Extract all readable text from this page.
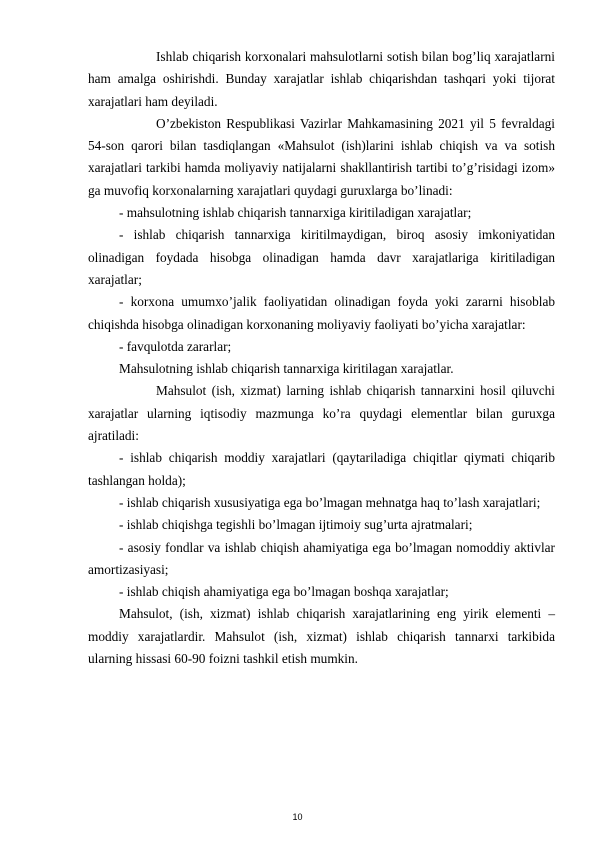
Ishlab chiqarish korxonalari mahsulotlarni sotish bilan bog’liq xarajatlarni ham amalga oshirishdi. Bunday xarajatlar ishlab chiqarishdan tashqari yoki tijorat xarajatlari ham deyiladi.

O’zbekiston Respublikasi Vazirlar Mahkamasining 2021 yil 5 fevraldagi 54-son qarori bilan tasdiqlangan «Mahsulot (ish)larini ishlab chiqish va va sotish xarajatlari tarkibi hamda moliyaviy natijalarni shakllantirish tartibi to’g’risidagi izom» ga muvofiq korxonalarning xarajatlari quydagi guruxlarga bo’linadi:

- mahsulotning ishlab chiqarish tannarxiga kiritiladigan xarajatlar;

- ishlab chiqarish tannarxiga kiritilmaydigan, biroq asosiy imkoniyatidan olinadigan foydada hisobga olinadigan hamda davr xarajatlariga kiritiladigan xarajatlar;

- korxona umumxo’jalik faoliyatidan olinadigan foyda yoki zararni hisoblab chiqishda hisobga olinadigan korxonaning moliyaviy faoliyati bo’yicha xarajatlar:

- favqulotda zararlar;

Mahsulotning ishlab chiqarish tannarxiga kiritilagan xarajatlar.

Mahsulot (ish, xizmat) larning ishlab chiqarish tannarxini hosil qiluvchi xarajatlar ularning iqtisodiy mazmunga ko’ra quydagi elementlar bilan guruxga ajratiladi:

- ishlab chiqarish moddiy xarajatlari (qaytariladiga chiqitlar qiymati chiqarib tashlangan holda);

- ishlab chiqarish xususiyatiga ega bo’lmagan mehnatga haq to’lash xarajatlari;

- ishlab chiqishga tegishli bo’lmagan ijtimoiy sug’urta ajratmalari;

- asosiy fondlar va ishlab chiqish ahamiyatiga ega bo’lmagan nomoddiy aktivlar amortizasiyasi;

- ishlab chiqish ahamiyatiga ega bo’lmagan boshqa xarajatlar;

Mahsulot, (ish, xizmat) ishlab chiqarish xarajatlarining eng yirik elementi – moddiy xarajatlardir. Mahsulot (ish, xizmat) ishlab chiqarish tannarxi tarkibida ularning hissasi 60-90 foizni tashkil etish mumkin.

10
